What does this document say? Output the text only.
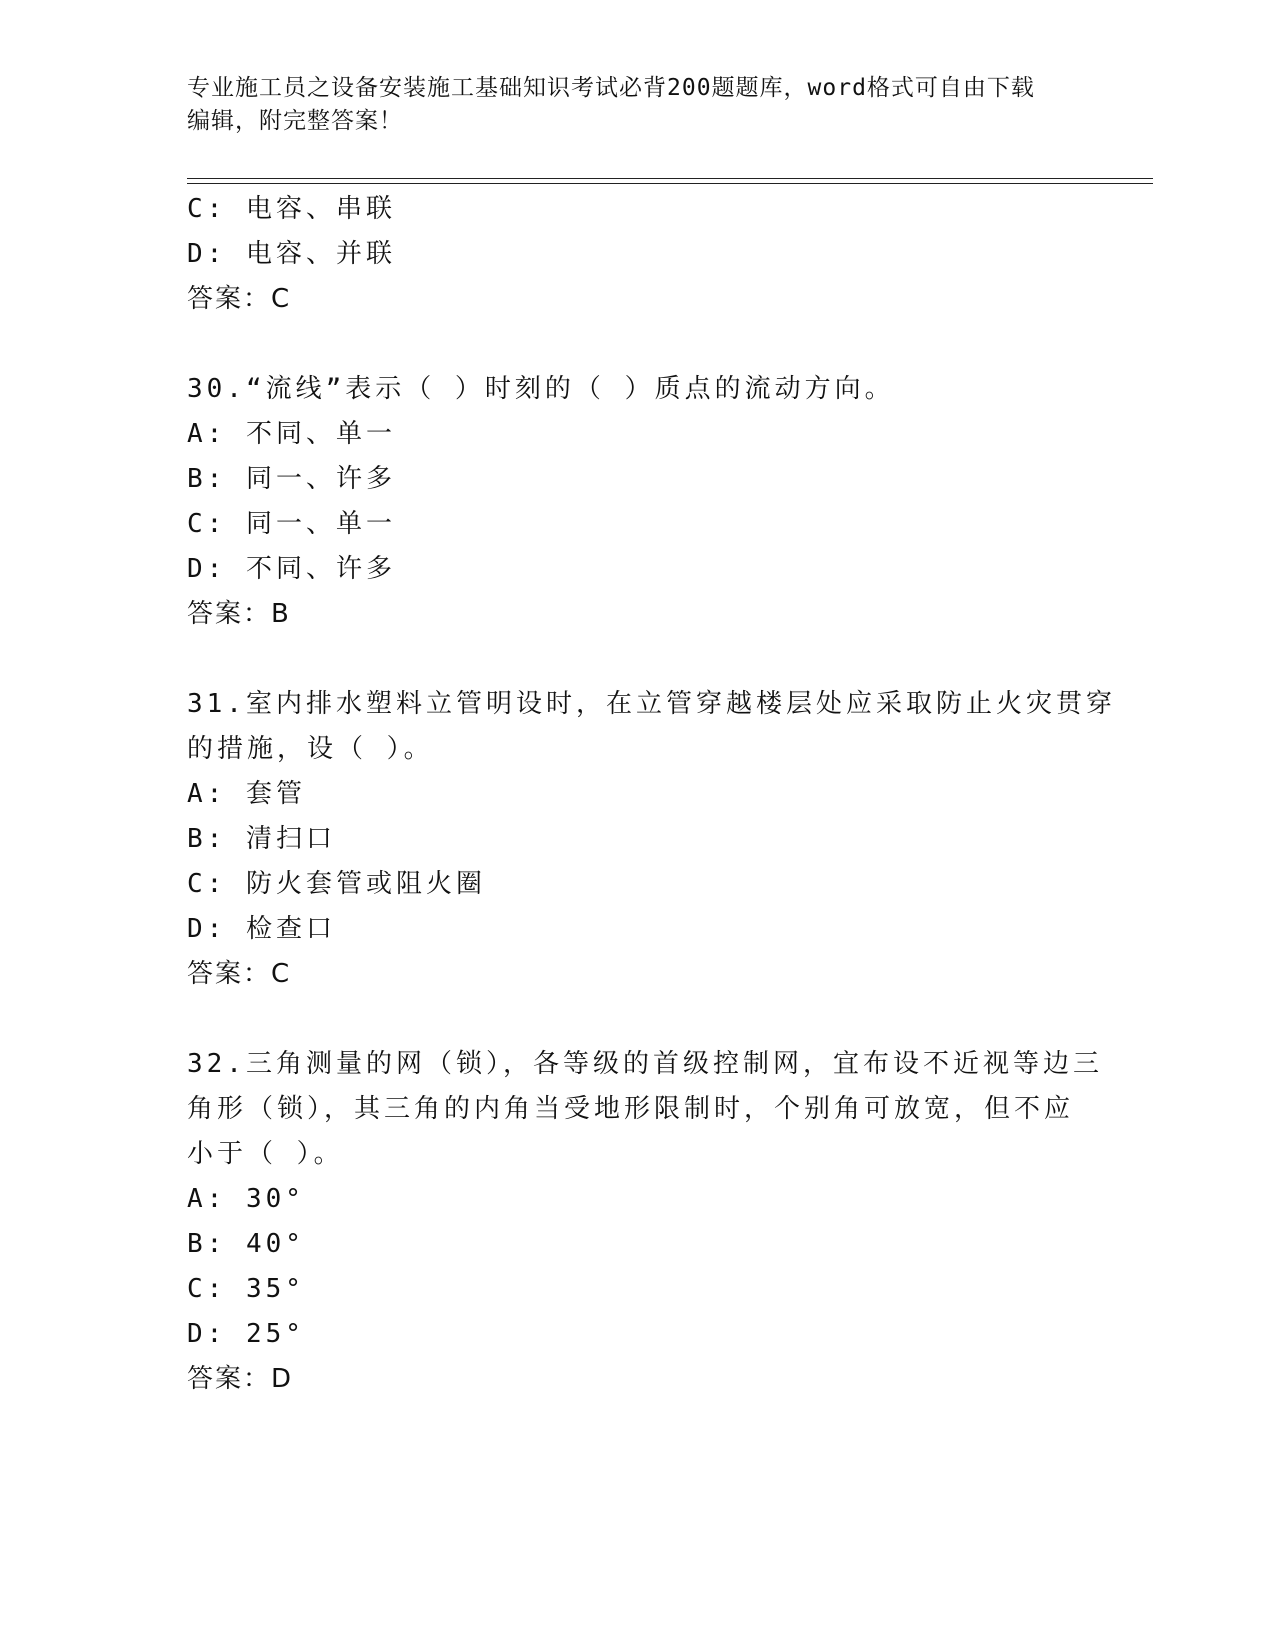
专业施工员之设备安装施工基础知识考试必背200题题库，word格式可自由下载
编辑，附完整答案！
C: 电容、串联
D: 电容、并联
答案：C
30.“流线”表示（ ）时刻的（ ）质点的流动方向。
A: 不同、单一
B: 同一、许多
C: 同一、单一
D: 不同、许多
答案：B
31.室内排水塑料立管明设时，在立管穿越楼层处应采取防止火灾贯穿
的措施，设（ ）。
A: 套管
B: 清扫口
C: 防火套管或阻火圈
D: 检查口
答案：C
32.三角测量的网（锁），各等级的首级控制网，宜布设不近视等边三
角形（锁），其三角的内角当受地形限制时，个别角可放宽，但不应
小于（ ）。
A: 30°
B: 40°
C: 35°
D: 25°
答案：D
